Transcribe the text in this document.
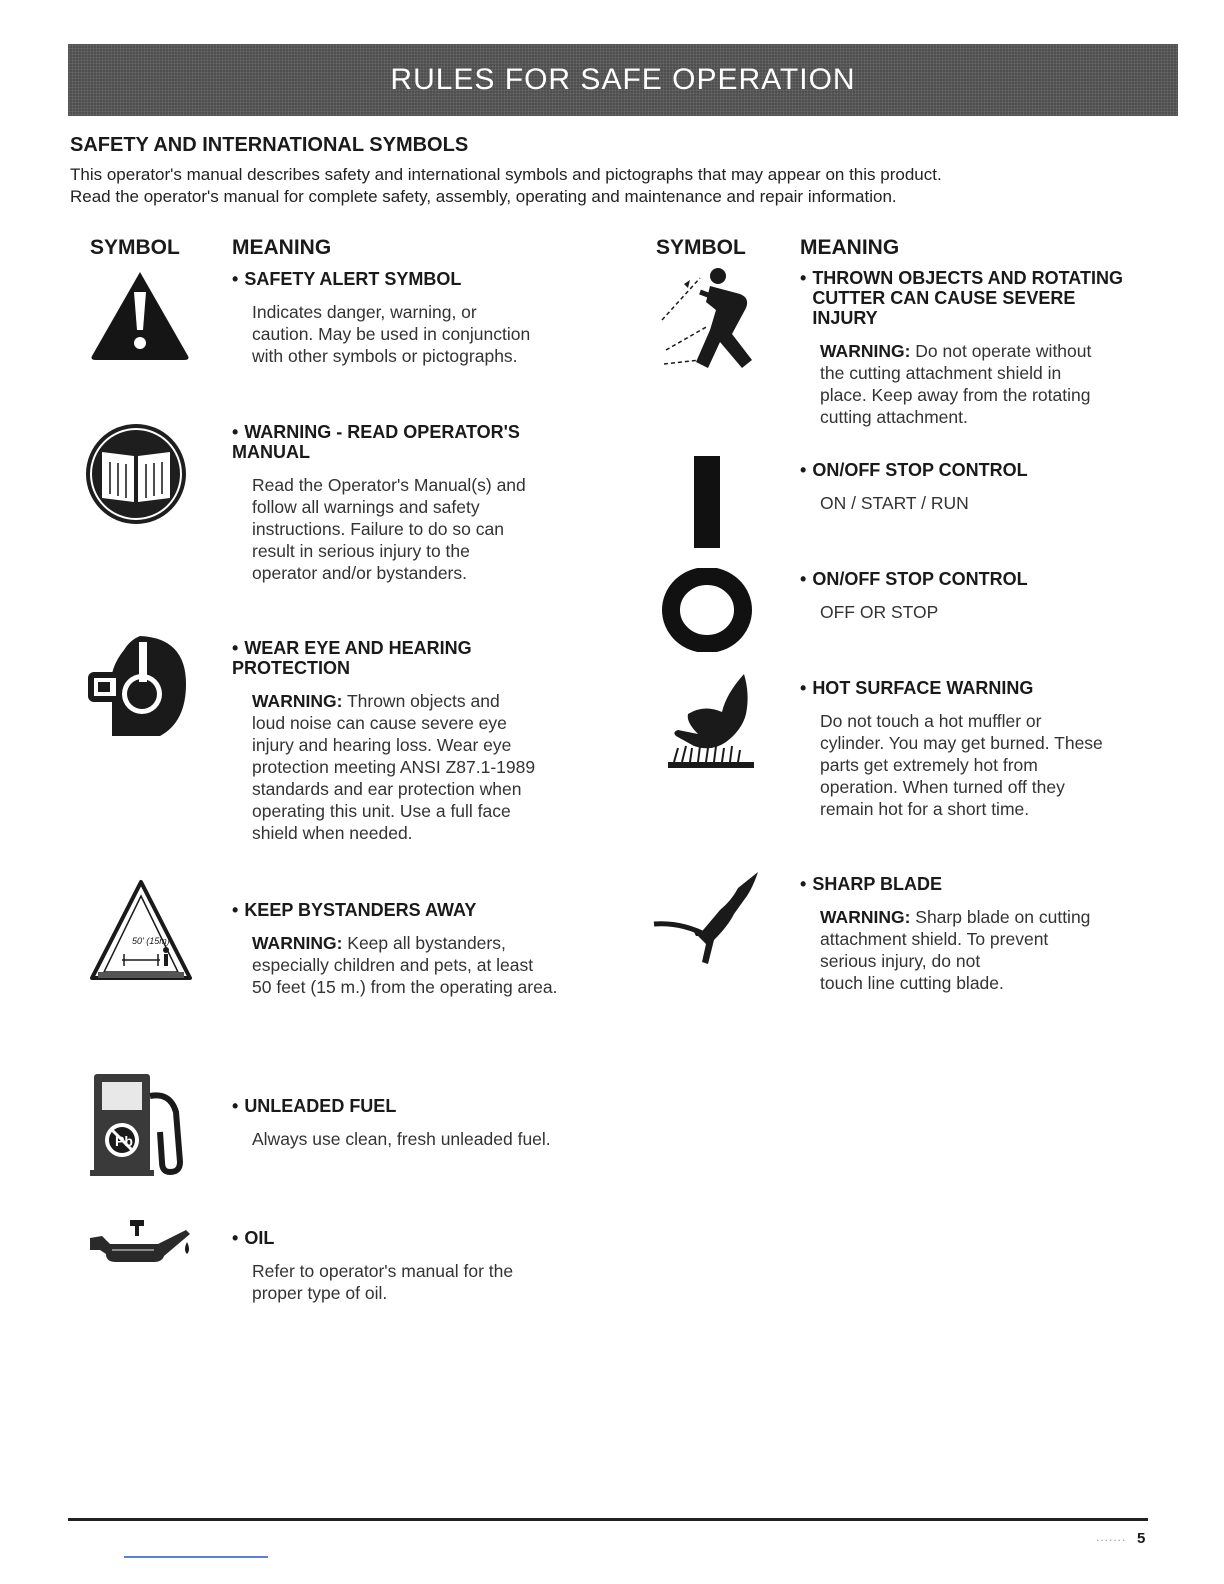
RULES FOR SAFE OPERATION
SAFETY AND INTERNATIONAL SYMBOLS
This operator's manual describes safety and international symbols and pictographs that may appear on this product.
Read the operator's manual for complete safety, assembly, operating and maintenance and repair information.
SYMBOL MEANING	SYMBOL	MEANING
50' (15m)
Pb
• SAFETY ALERT SYMBOL
Indicates danger, warning, or
caution. May be used in conjunction
with other symbols or pictographs.
• WARNING - READ OPERATOR'S MANUAL
Read the Operator's Manual(s) and
follow all warnings and safety
instructions. Failure to do so can
result in serious injury to the
operator and/or bystanders.
• WEAR EYE AND HEARING PROTECTION
WARNING: Thrown objects and
loud noise can cause severe eye
injury and hearing loss. Wear eye
protection meeting ANSI Z87.1-1989
standards and ear protection when
operating this unit. Use a full face
shield when needed.
• KEEP BYSTANDERS AWAY
WARNING: Keep all bystanders,
especially children and pets, at least
50 feet (15 m.) from the operating area.
• UNLEADED FUEL
Always use clean, fresh unleaded fuel.
• OIL
Refer to operator's manual for the
proper type of oil.
• THROWN OBJECTS AND ROTATING CUTTER CAN CAUSE SEVERE INJURY
WARNING: Do not operate without
the cutting attachment shield in
place. Keep away from the rotating
cutting attachment.
• ON/OFF STOP CONTROL
ON / START / RUN
• ON/OFF STOP CONTROL
OFF OR STOP
• HOT SURFACE WARNING
Do not touch a hot muffler or
cylinder. You may get burned. These
parts get extremely hot from
operation. When turned off they
remain hot for a short time.
• SHARP BLADE
WARNING: Sharp blade on cutting
attachment shield. To prevent
serious injury, do not
touch line cutting blade.
....... 5
